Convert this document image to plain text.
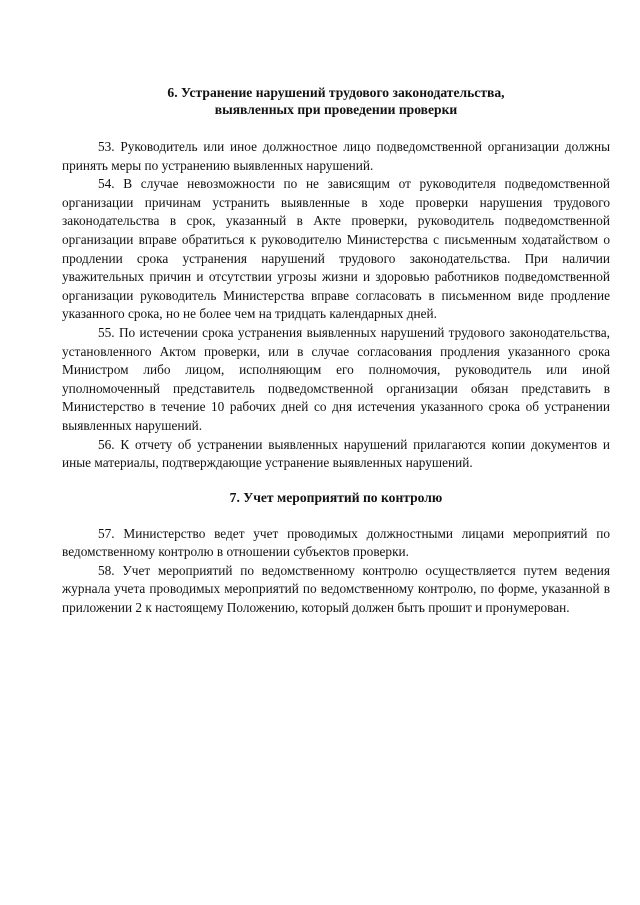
6. Устранение нарушений трудового законодательства,
выявленных при проведении проверки

53. Руководитель или иное должностное лицо подведомственной организации должны принять меры по устранению выявленных нарушений.

54. В случае невозможности по не зависящим от руководителя подведомственной организации причинам устранить выявленные в ходе проверки нарушения трудового законодательства в срок, указанный в Акте проверки, руководитель подведомственной организации вправе обратиться к руководителю Министерства с письменным ходатайством о продлении срока устранения нарушений трудового законодательства. При наличии уважительных причин и отсутствии угрозы жизни и здоровью работников подведомственной организации руководитель Министерства вправе согласовать в письменном виде продление указанного срока, но не более чем на тридцать календарных дней.

55. По истечении срока устранения выявленных нарушений трудового законодательства, установленного Актом проверки, или в случае согласования продления указанного срока Министром либо лицом, исполняющим его полномочия, руководитель или иной уполномоченный представитель подведомственной организации обязан представить в Министерство в течение 10 рабочих дней со дня истечения указанного срока об устранении выявленных нарушений.

56. К отчету об устранении выявленных нарушений прилагаются копии документов и иные материалы, подтверждающие устранение выявленных нарушений.

7. Учет мероприятий по контролю

57. Министерство ведет учет проводимых должностными лицами мероприятий по ведомственному контролю в отношении субъектов проверки.

58. Учет мероприятий по ведомственному контролю осуществляется путем ведения журнала учета проводимых мероприятий по ведомственному контролю, по форме, указанной в приложении 2 к настоящему Положению, который должен быть прошит и пронумерован.
